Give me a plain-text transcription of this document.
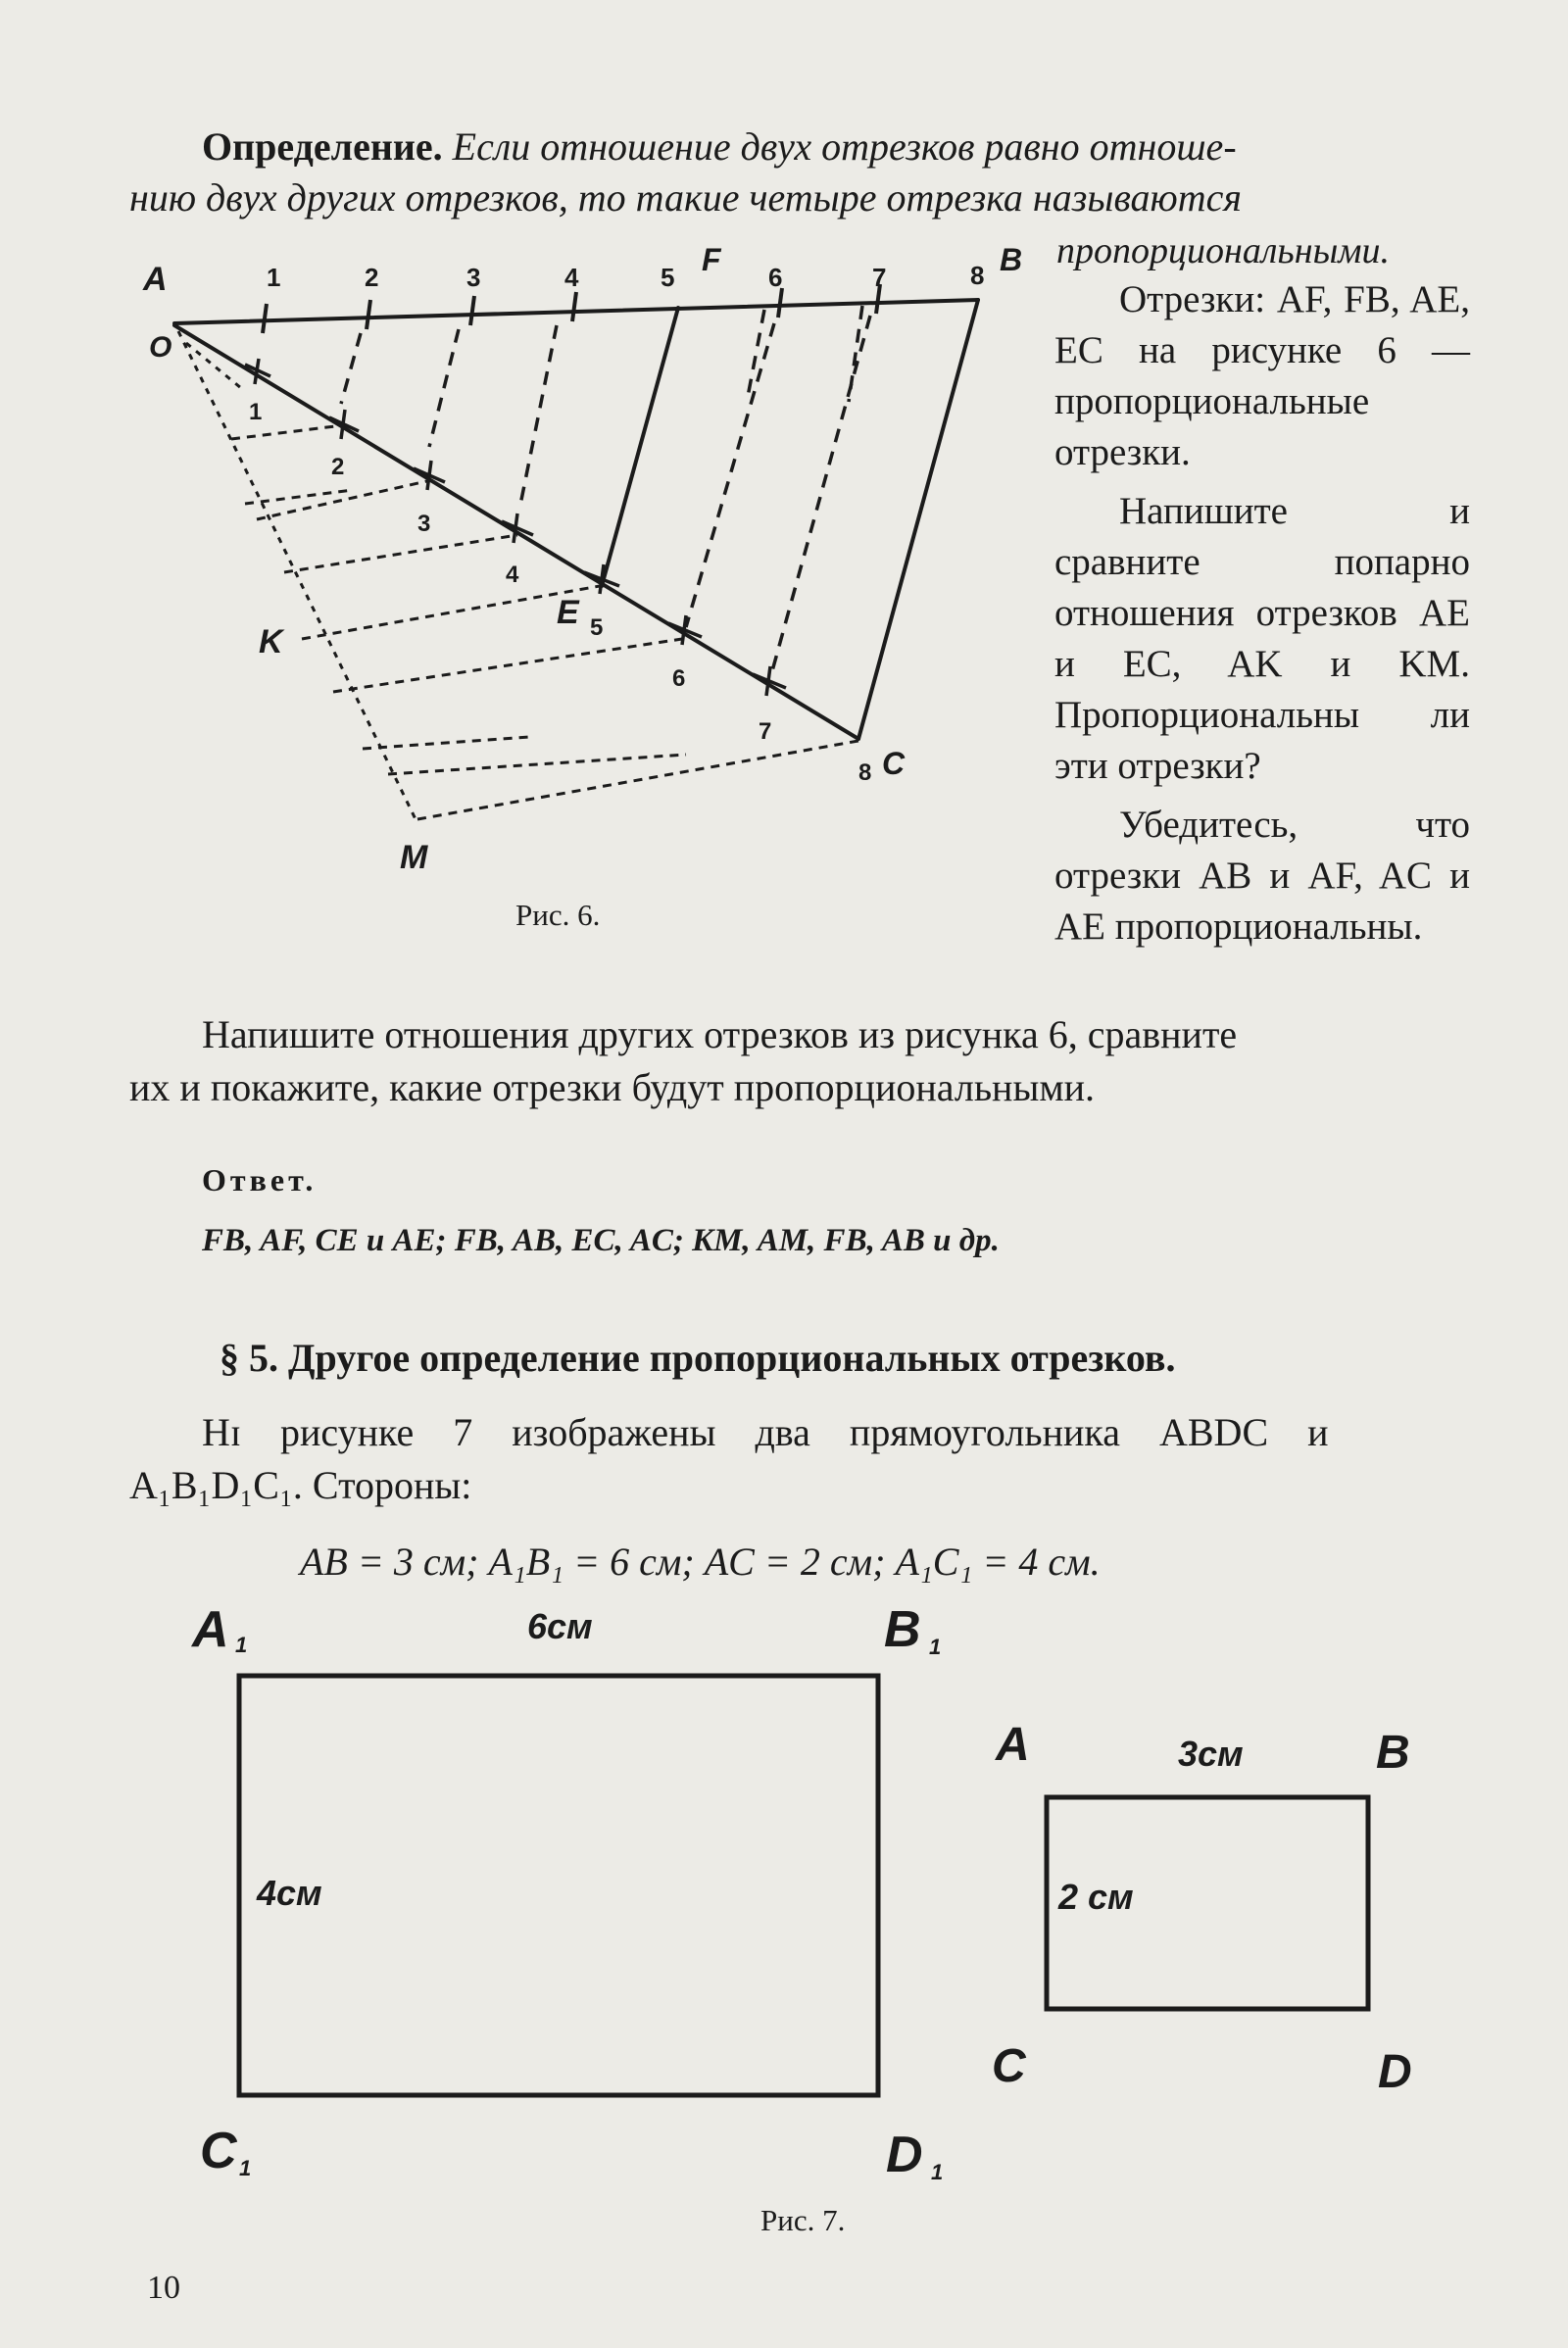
Определение. Если отношение двух отрезков равно отноше-
нию двух других отрезков, то такие четыре отрезка называются
пропорциональными.

Отрезки: AF, FB, AE, EC на рисунке 6 — пропорциональные отрезки.

Напишите и сравните попарно отношения отрезков AE и EC, AK и KM. Пропорциональны ли эти отрезки?

Убедитесь, что отрезки AB и AF, AC и AE пропорциональны.

A
O
B
F
E
K
M
C
1	2	3	4	5	6	7	8
1
2
3
4
5
6
7
8
Рис. 6.
Напишите отношения других отрезков из рисунка 6, сравните
их и покажите, какие отрезки будут пропорциональными.
Ответ.
FB, AF, CE и AE; FB, AB, EC, AC; KM, AM, FB, AB и др.
§ 5. Другое определение пропорциональных отрезков.
Нɪ рисунке 7 изображены два прямоугольника ABDC и
A₁B₁D₁C₁. Стороны:
AB = 3 см; A₁B₁ = 6 см; AC = 2 см; A₁C₁ = 4 см.
A 1	B 1
C 1	D 1
6см
4см
A	B
C	D
3см
2 см
Рис. 7.
10
